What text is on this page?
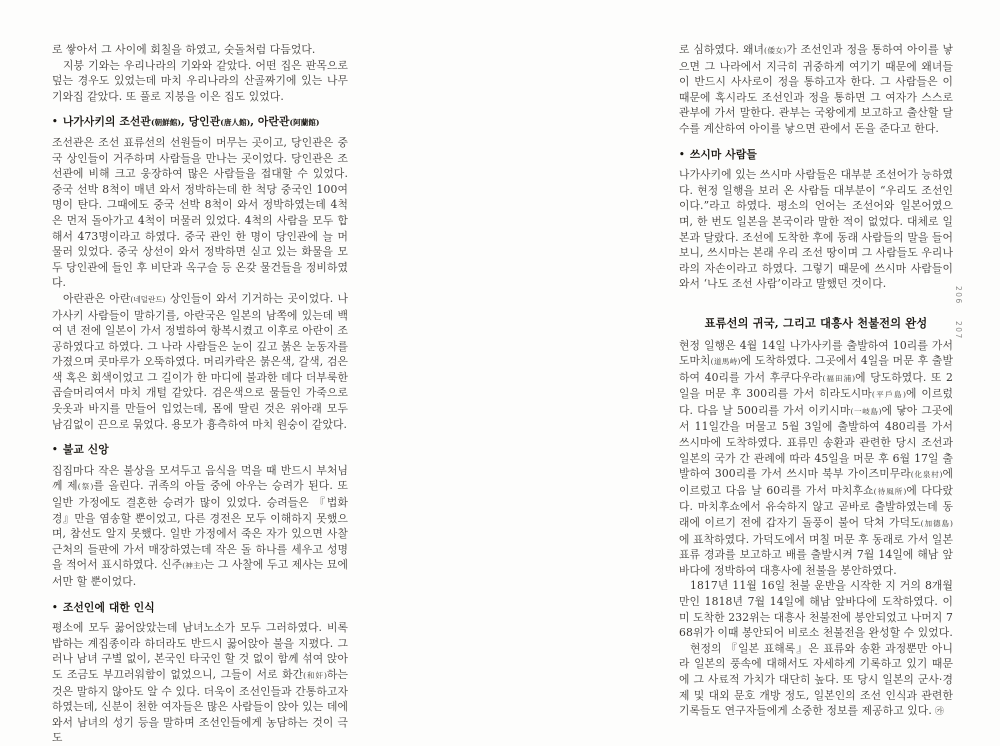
로 쌓아서 그 사이에 회칠을 하였고, 숫돌처럼 다듬었다.

지붕 기와는 우리나라의 기와와 같았다. 어떤 집은 판목으로 덮는 경우도 있었는데 마치 우리나라의 산골짜기에 있는 나무기와집 같았다. 또 풀로 지붕을 이은 집도 있었다.

• 나가사키의 조선관(朝鮮館), 당인관(唐人館), 아란관(阿蘭館)

조선관은 조선 표류선의 선원들이 머무는 곳이고, 당인관은 중국 상인들이 거주하며 사람들을 만나는 곳이었다. 당인관은 조선관에 비해 크고 웅장하여 많은 사람들을 접대할 수 있었다. 중국 선박 8척이 매년 와서 정박하는데 한 척당 중국인 100여 명이 탄다. 그때에도 중국 선박 8척이 와서 정박하였는데 4척은 먼저 돌아가고 4척이 머물러 있었다. 4척의 사람을 모두 합해서 473명이라고 하였다. 중국 관인 한 명이 당인관에 늘 머물러 있었다. 중국 상선이 와서 정박하면 싣고 있는 화물을 모두 당인관에 들인 후 비단과 옥구슬 등 온갖 물건들을 정비하였다.

아란관은 아란(네덜란드) 상인들이 와서 기거하는 곳이었다. 나가사키 사람들이 말하기를, 아란국은 일본의 남쪽에 있는데 백여 년 전에 일본이 가서 정벌하여 항복시켰고 이후로 아란이 조공하였다고 하였다. 그 나라 사람들은 눈이 깊고 붉은 눈동자를 가졌으며 콧마루가 오뚝하였다. 머리카락은 붉은색, 갈색, 검은색 혹은 회색이었고 그 길이가 한 마디에 불과한 데다 더부룩한 곱슬머리여서 마치 개털 같았다. 검은색으로 물들인 가죽으로 웃옷과 바지를 만들어 입었는데, 몸에 딸린 것은 위아래 모두 남김없이 끈으로 묶었다. 용모가 흉측하여 마치 원숭이 같았다.

• 불교 신앙

집집마다 작은 불상을 모셔두고 음식을 먹을 때 반드시 부처님께 제(祭)를 올린다. 귀족의 아들 중에 아우는 승려가 된다. 또 일반 가정에도 결혼한 승려가 많이 있었다. 승려들은 『법화경』만을 염송할 뿐이었고, 다른 경전은 모두 이해하지 못했으며, 참선도 알지 못했다. 일반 가정에서 죽은 자가 있으면 사찰 근처의 들판에 가서 매장하였는데 작은 돌 하나를 세우고 성명을 적어서 표시하였다. 신주(神主)는 그 사찰에 두고 제사는 묘에서만 할 뿐이었다.

• 조선인에 대한 인식

평소에 모두 꿇어앉았는데 남녀노소가 모두 그러하였다. 비록 밥하는 계집종이라 하더라도 반드시 꿇어앉아 불을 지폈다. 그러나 남녀 구별 없이, 본국인 타국인 할 것 없이 함께 섞여 앉아도 조금도 부끄러워함이 없었으니, 그들이 서로 화간(和奸)하는 것은 말하지 않아도 알 수 있다. 더욱이 조선인들과 간통하고자 하였는데, 신분이 천한 여자들은 많은 사람들이 앉아 있는 데에 와서 남녀의 성기 등을 말하며 조선인들에게 농담하는 것이 극도

로 심하였다. 왜녀(倭女)가 조선인과 정을 통하여 아이를 낳으면 그 나라에서 지극히 귀중하게 여기기 때문에 왜녀들이 반드시 사사로이 정을 통하고자 한다. 그 사람들은 이 때문에 혹시라도 조선인과 정을 통하면 그 여자가 스스로 관부에 가서 말한다. 관부는 국왕에게 보고하고 출산할 달수를 계산하여 아이를 낳으면 관에서 돈을 준다고 한다.

• 쓰시마 사람들

나가사키에 있는 쓰시마 사람들은 대부분 조선어가 능하였다. 현정 일행을 보러 온 사람들 대부분이 “우리도 조선인이다.”라고 하였다. 평소의 언어는 조선어와 일본어였으며, 한 번도 일본을 본국이라 말한 적이 없었다. 대체로 일본과 달랐다. 조선에 도착한 후에 동래 사람들의 말을 들어보니, 쓰시마는 본래 우리 조선 땅이며 그 사람들도 우리나라의 자손이라고 하였다. 그렇기 때문에 쓰시마 사람들이 와서 ‘나도 조선 사람’이라고 말했던 것이다.

표류선의 귀국, 그리고 대흥사 천불전의 완성

현정 일행은 4월 14일 나가사키를 출발하여 10리를 가서 도마치(道馬峙)에 도착하였다. 그곳에서 4일을 머문 후 출발하여 40리를 가서 후쿠다우라(福田浦)에 당도하였다. 또 2일을 머문 후 300리를 가서 히라도시마(平戶島)에 이르렀다. 다음 날 500리를 가서 이키시마(一岐島)에 닿아 그곳에서 11일간을 머물고 5월 3일에 출발하여 480리를 가서 쓰시마에 도착하였다. 표류민 송환과 관련한 당시 조선과 일본의 국가 간 관례에 따라 45일을 머문 후 6월 17일 출발하여 300리를 가서 쓰시마 북부 가이즈미무라(化泉村)에 이르렀고 다음 날 60리를 가서 마치후쇼(待風所)에 다다랐다. 마치후쇼에서 유숙하지 않고 곧바로 출발하였는데 동래에 이르기 전에 갑자기 돌풍이 불어 닥쳐 가덕도(加德島)에 표착하였다. 가덕도에서 며칠 머문 후 동래로 가서 일본 표류 경과를 보고하고 배를 출발시켜 7월 14일에 해남 앞바다에 정박하여 대흥사에 천불을 봉안하였다.

1817년 11월 16일 천불 운반을 시작한 지 거의 8개월 만인 1818년 7월 14일에 해남 앞바다에 도착하였다. 이미 도착한 232위는 대흥사 천불전에 봉안되었고 나머지 768위가 이때 봉안되어 비로소 천불전을 완성할 수 있었다.

현정의 『일본 표해록』은 표류와 송환 과정뿐만 아니라 일본의 풍속에 대해서도 자세하게 기록하고 있기 때문에 그 사료적 가치가 대단히 높다. 또 당시 일본의 군사·경제 및 대외 문호 개방 정도, 일본인의 조선 인식과 관련한 기록들도 연구자들에게 소중한 정보를 제공하고 있다. ㉮

206
207
